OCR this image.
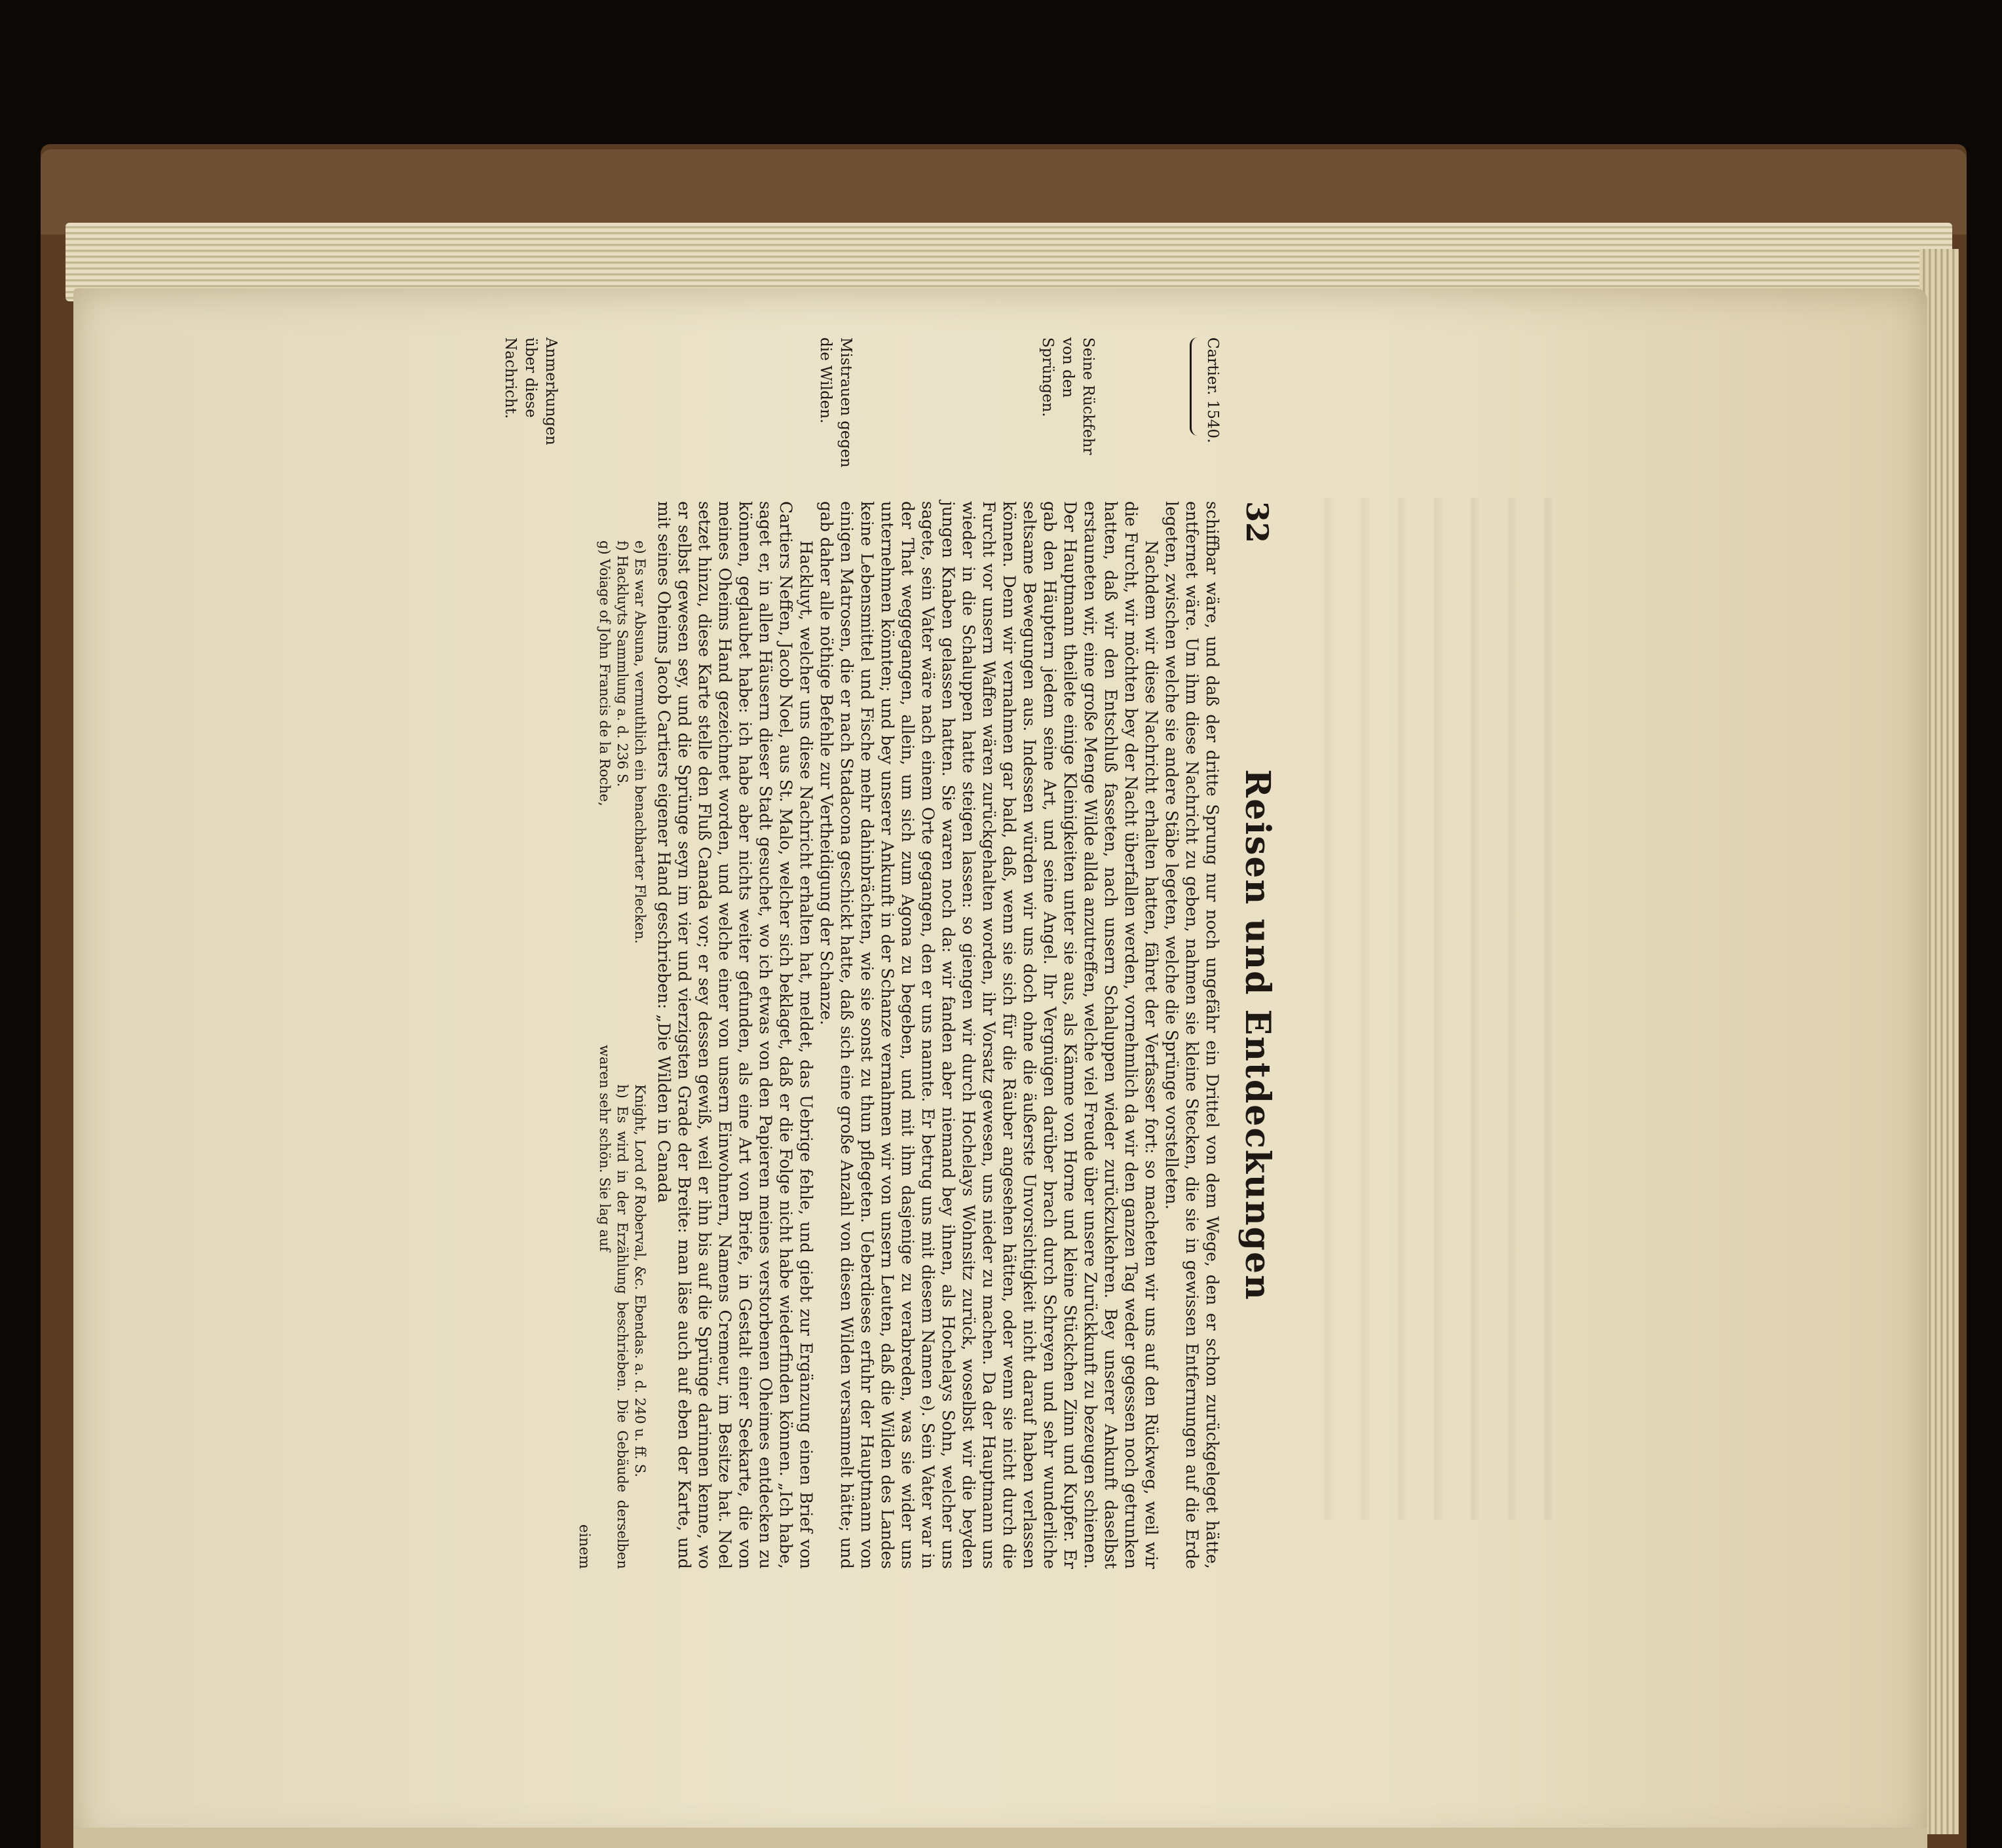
32
Reisen und Entdeckungen
Cartier. 1540.
Seine Rückfehr von den Sprüngen.
Mistrauen gegen die Wilden.
Anmerkungen über diese Nachricht.

schiffbar wäre, und daß der dritte Sprung nur noch ungefähr ein Drittel von dem Wege, den er schon zurückgeleget hätte, entfernet wäre. Um ihm diese Nachricht zu geben, nahmen sie kleine Stecken, die sie in gewissen Entfernungen auf die Erde legeten, zwischen welche sie andere Stäbe legeten, welche die Sprünge vorstelleten.

Nachdem wir diese Nachricht erhalten hatten, fähret der Verfasser fort: so macheten wir uns auf den Rückweg, weil wir die Furcht, wir möchten bey der Nacht überfallen werden, vornehmlich da wir den ganzen Tag weder gegessen noch getrunken hatten, daß wir den Entschluß fasseten, nach unsern Schaluppen wieder zurückzukehren. Bey unserer Ankunft daselbst erstauneten wir, eine große Menge Wilde allda anzutreffen, welche viel Freude über unsere Zurückkunft zu bezeugen schienen. Der Hauptmann theilete einige Kleinigkeiten unter sie aus, als Kämme von Horne und kleine Stückchen Zinn und Kupfer. Er gab den Häuptern jedem seine Art, und seine Angel. Ihr Vergnügen darüber brach durch Schreyen und sehr wunderliche seltsame Bewegungen aus. Indessen würden wir uns doch ohne die äußerste Unvorsichtigkeit nicht darauf haben verlassen können. Denn wir vernahmen gar bald, daß, wenn sie sich für die Räuber angesehen hätten, oder wenn sie nicht durch die Furcht vor unsern Waffen wären zurückgehalten worden, ihr Vorsatz gewesen, uns nieder zu machen. Da der Hauptmann uns wieder in die Schaluppen hatte steigen lassen: so giengen wir durch Hochelays Wohnsitz zurück, woselbst wir die beyden jungen Knaben gelassen hatten. Sie waren noch da: wir fanden aber niemand bey ihnen, als Hochelays Sohn, welcher uns sagete, sein Vater wäre nach einem Orte gegangen, den er uns nannte. Er betrug uns mit diesem Namen e). Sein Vater war in der That weggegangen, allein, um sich zum Agona zu begeben, und mit ihm dasjenige zu verabreden, was sie wider uns unternehmen könnten; und bey unserer Ankunft in der Schanze vernahmen wir von unsern Leuten, daß die Wilden des Landes keine Lebensmittel und Fische mehr dahinbrächten, wie sie sonst zu thun pflegeten. Ueberdieses erfuhr der Hauptmann von einigen Matrosen, die er nach Stadacona geschickt hatte, daß sich eine große Anzahl von diesen Wilden versammelt hätte; und gab daher alle nöthige Befehle zur Vertheidigung der Schanze.

Hackluyt, welcher uns diese Nachricht erhalten hat, meldet, das Uebrige fehle, und giebt zur Ergänzung einen Brief von Cartiers Neffen, Jacob Noel, aus St. Malo, welcher sich beklaget, daß er die Folge nicht habe wiederfinden können. „Ich habe, saget er, in allen Häusern dieser Stadt gesuchet, wo ich etwas von den Papieren meines verstorbenen Oheimes entdecken zu können, geglaubet habe: ich habe aber nichts weiter gefunden, als eine Art von Briefe, in Gestalt einer Seekarte, die von meines Oheims Hand gezeichnet worden, und welche einer von unsern Einwohnern, Namens Cremeur, im Besitze hat. Noel setzet hinzu, diese Karte stelle den Fluß Canada vor; er sey dessen gewiß, weil er ihn bis auf die Sprünge darinnen kenne, wo er selbst gewesen sey, und die Sprünge seyn im vier und vierzigsten Grade der Breite: man läse auch auf eben der Karte, und mit seines Oheims Jacob Cartiers eigener Hand geschrieben: „Die Wilden in Canada

e) Es war Absuna, vermuthlich ein benachbarter Flecken.

f) Hackluyts Sammlung a. d. 236 S.

g) Voiage of John Francis de la Roche,

Knight, Lord of Roberval, &c. Ebendas. a. d. 240 u. ff. S.

h) Es wird in der Erzählung beschrieben. Die Gebäude derselben waren sehr schön. Sie lag auf

einem
